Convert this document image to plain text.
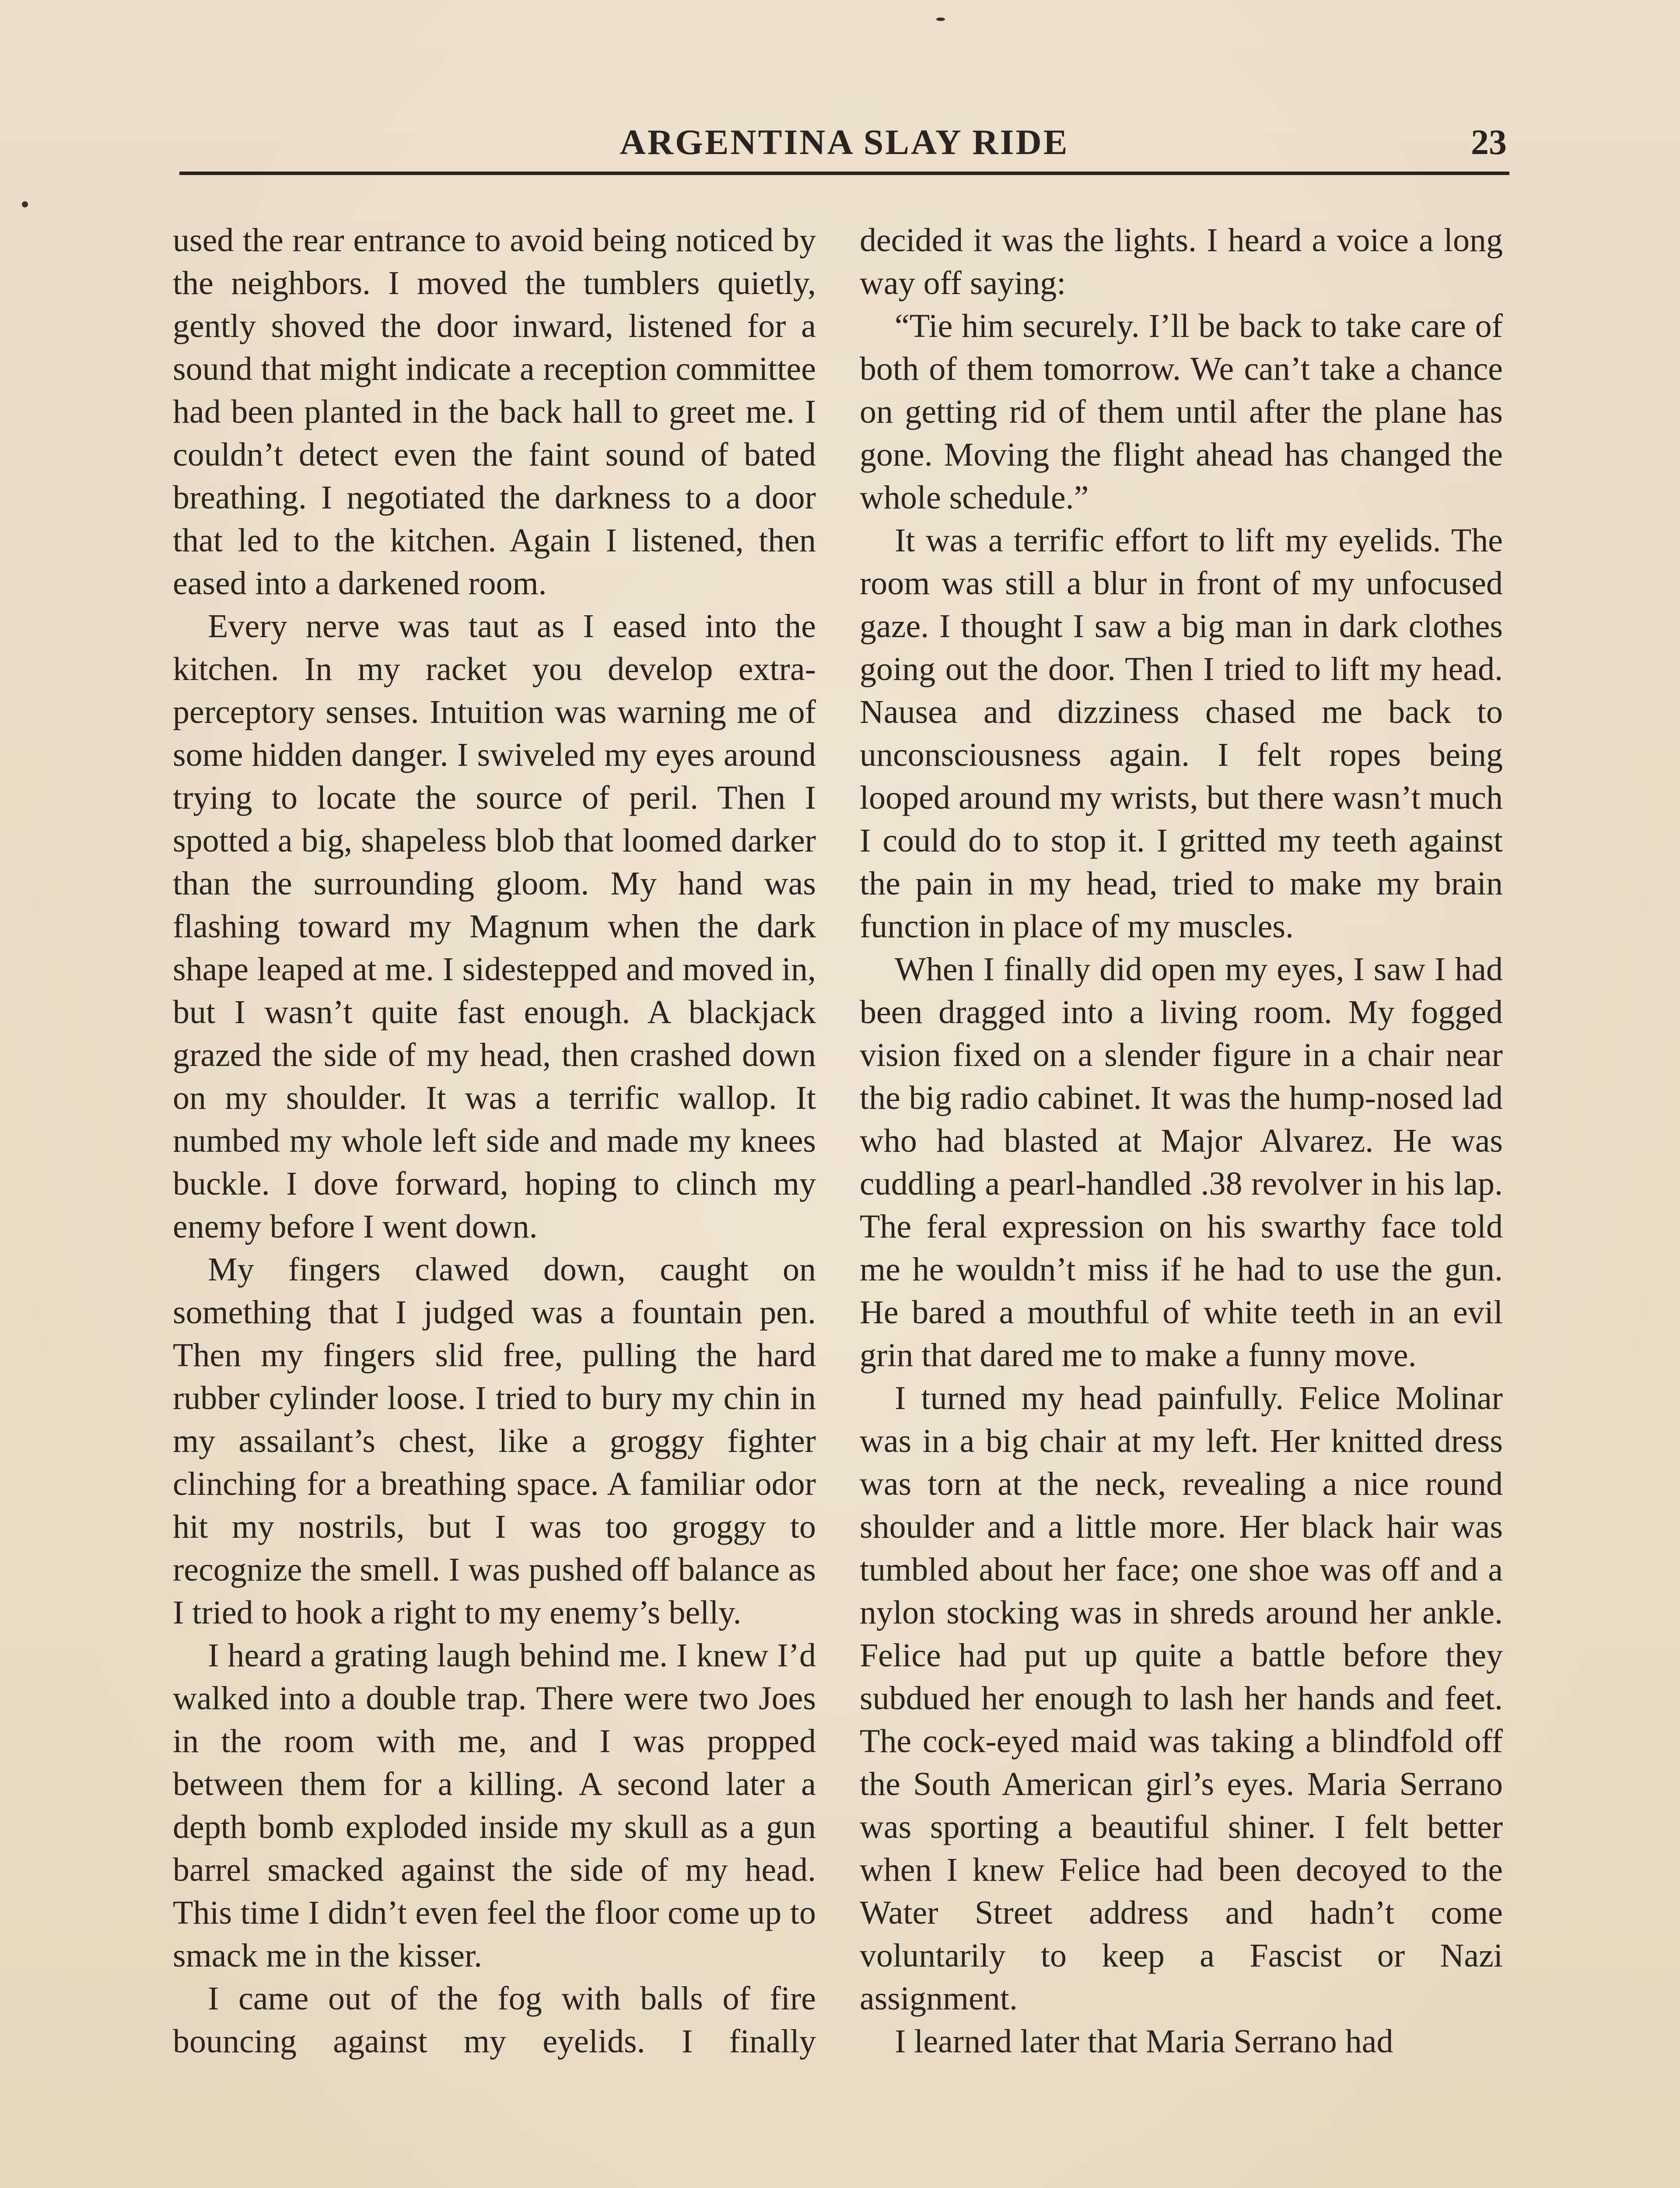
ARGENTINA SLAY RIDE	23

used the rear entrance to avoid being noticed by the neighbors. I moved the tumblers quietly, gently shoved the door inward, listened for a sound that might indicate a reception committee had been planted in the back hall to greet me. I couldn’t detect even the faint sound of bated breathing. I negotiated the darkness to a door that led to the kitchen. Again I listened, then eased into a darkened room.

Every nerve was taut as I eased into the kitchen. In my racket you develop extra-perceptory senses. Intuition was warning me of some hidden danger. I swiveled my eyes around trying to locate the source of peril. Then I spotted a big, shapeless blob that loomed darker than the surrounding gloom. My hand was flashing toward my Magnum when the dark shape leaped at me. I sidestepped and moved in, but I wasn’t quite fast enough. A blackjack grazed the side of my head, then crashed down on my shoulder. It was a terrific wallop. It numbed my whole left side and made my knees buckle. I dove forward, hoping to clinch my enemy before I went down.

My fingers clawed down, caught on something that I judged was a fountain pen. Then my fingers slid free, pulling the hard rubber cylinder loose. I tried to bury my chin in my assailant’s chest, like a groggy fighter clinching for a breathing space. A familiar odor hit my nostrils, but I was too groggy to recognize the smell. I was pushed off balance as I tried to hook a right to my enemy’s belly.

I heard a grating laugh behind me. I knew I’d walked into a double trap. There were two Joes in the room with me, and I was propped between them for a killing. A second later a depth bomb exploded inside my skull as a gun barrel smacked against the side of my head. This time I didn’t even feel the floor come up to smack me in the kisser.

I came out of the fog with balls of fire bouncing against my eyelids. I finally

decided it was the lights. I heard a voice a long way off saying:

“Tie him securely. I’ll be back to take care of both of them tomorrow. We can’t take a chance on getting rid of them until after the plane has gone. Moving the flight ahead has changed the whole schedule.”

It was a terrific effort to lift my eyelids. The room was still a blur in front of my unfocused gaze. I thought I saw a big man in dark clothes going out the door. Then I tried to lift my head. Nausea and dizziness chased me back to unconsciousness again. I felt ropes being looped around my wrists, but there wasn’t much I could do to stop it. I gritted my teeth against the pain in my head, tried to make my brain function in place of my muscles.

When I finally did open my eyes, I saw I had been dragged into a living room. My fogged vision fixed on a slender figure in a chair near the big radio cabinet. It was the hump-nosed lad who had blasted at Major Alvarez. He was cuddling a pearl-handled .38 revolver in his lap. The feral expression on his swarthy face told me he wouldn’t miss if he had to use the gun. He bared a mouthful of white teeth in an evil grin that dared me to make a funny move.

I turned my head painfully. Felice Molinar was in a big chair at my left. Her knitted dress was torn at the neck, revealing a nice round shoulder and a little more. Her black hair was tumbled about her face; one shoe was off and a nylon stocking was in shreds around her ankle. Felice had put up quite a battle before they subdued her enough to lash her hands and feet. The cock-eyed maid was taking a blindfold off the South American girl’s eyes. Maria Serrano was sporting a beautiful shiner. I felt better when I knew Felice had been decoyed to the Water Street address and hadn’t come voluntarily to keep a Fascist or Nazi assignment.

I learned later that Maria Serrano had
